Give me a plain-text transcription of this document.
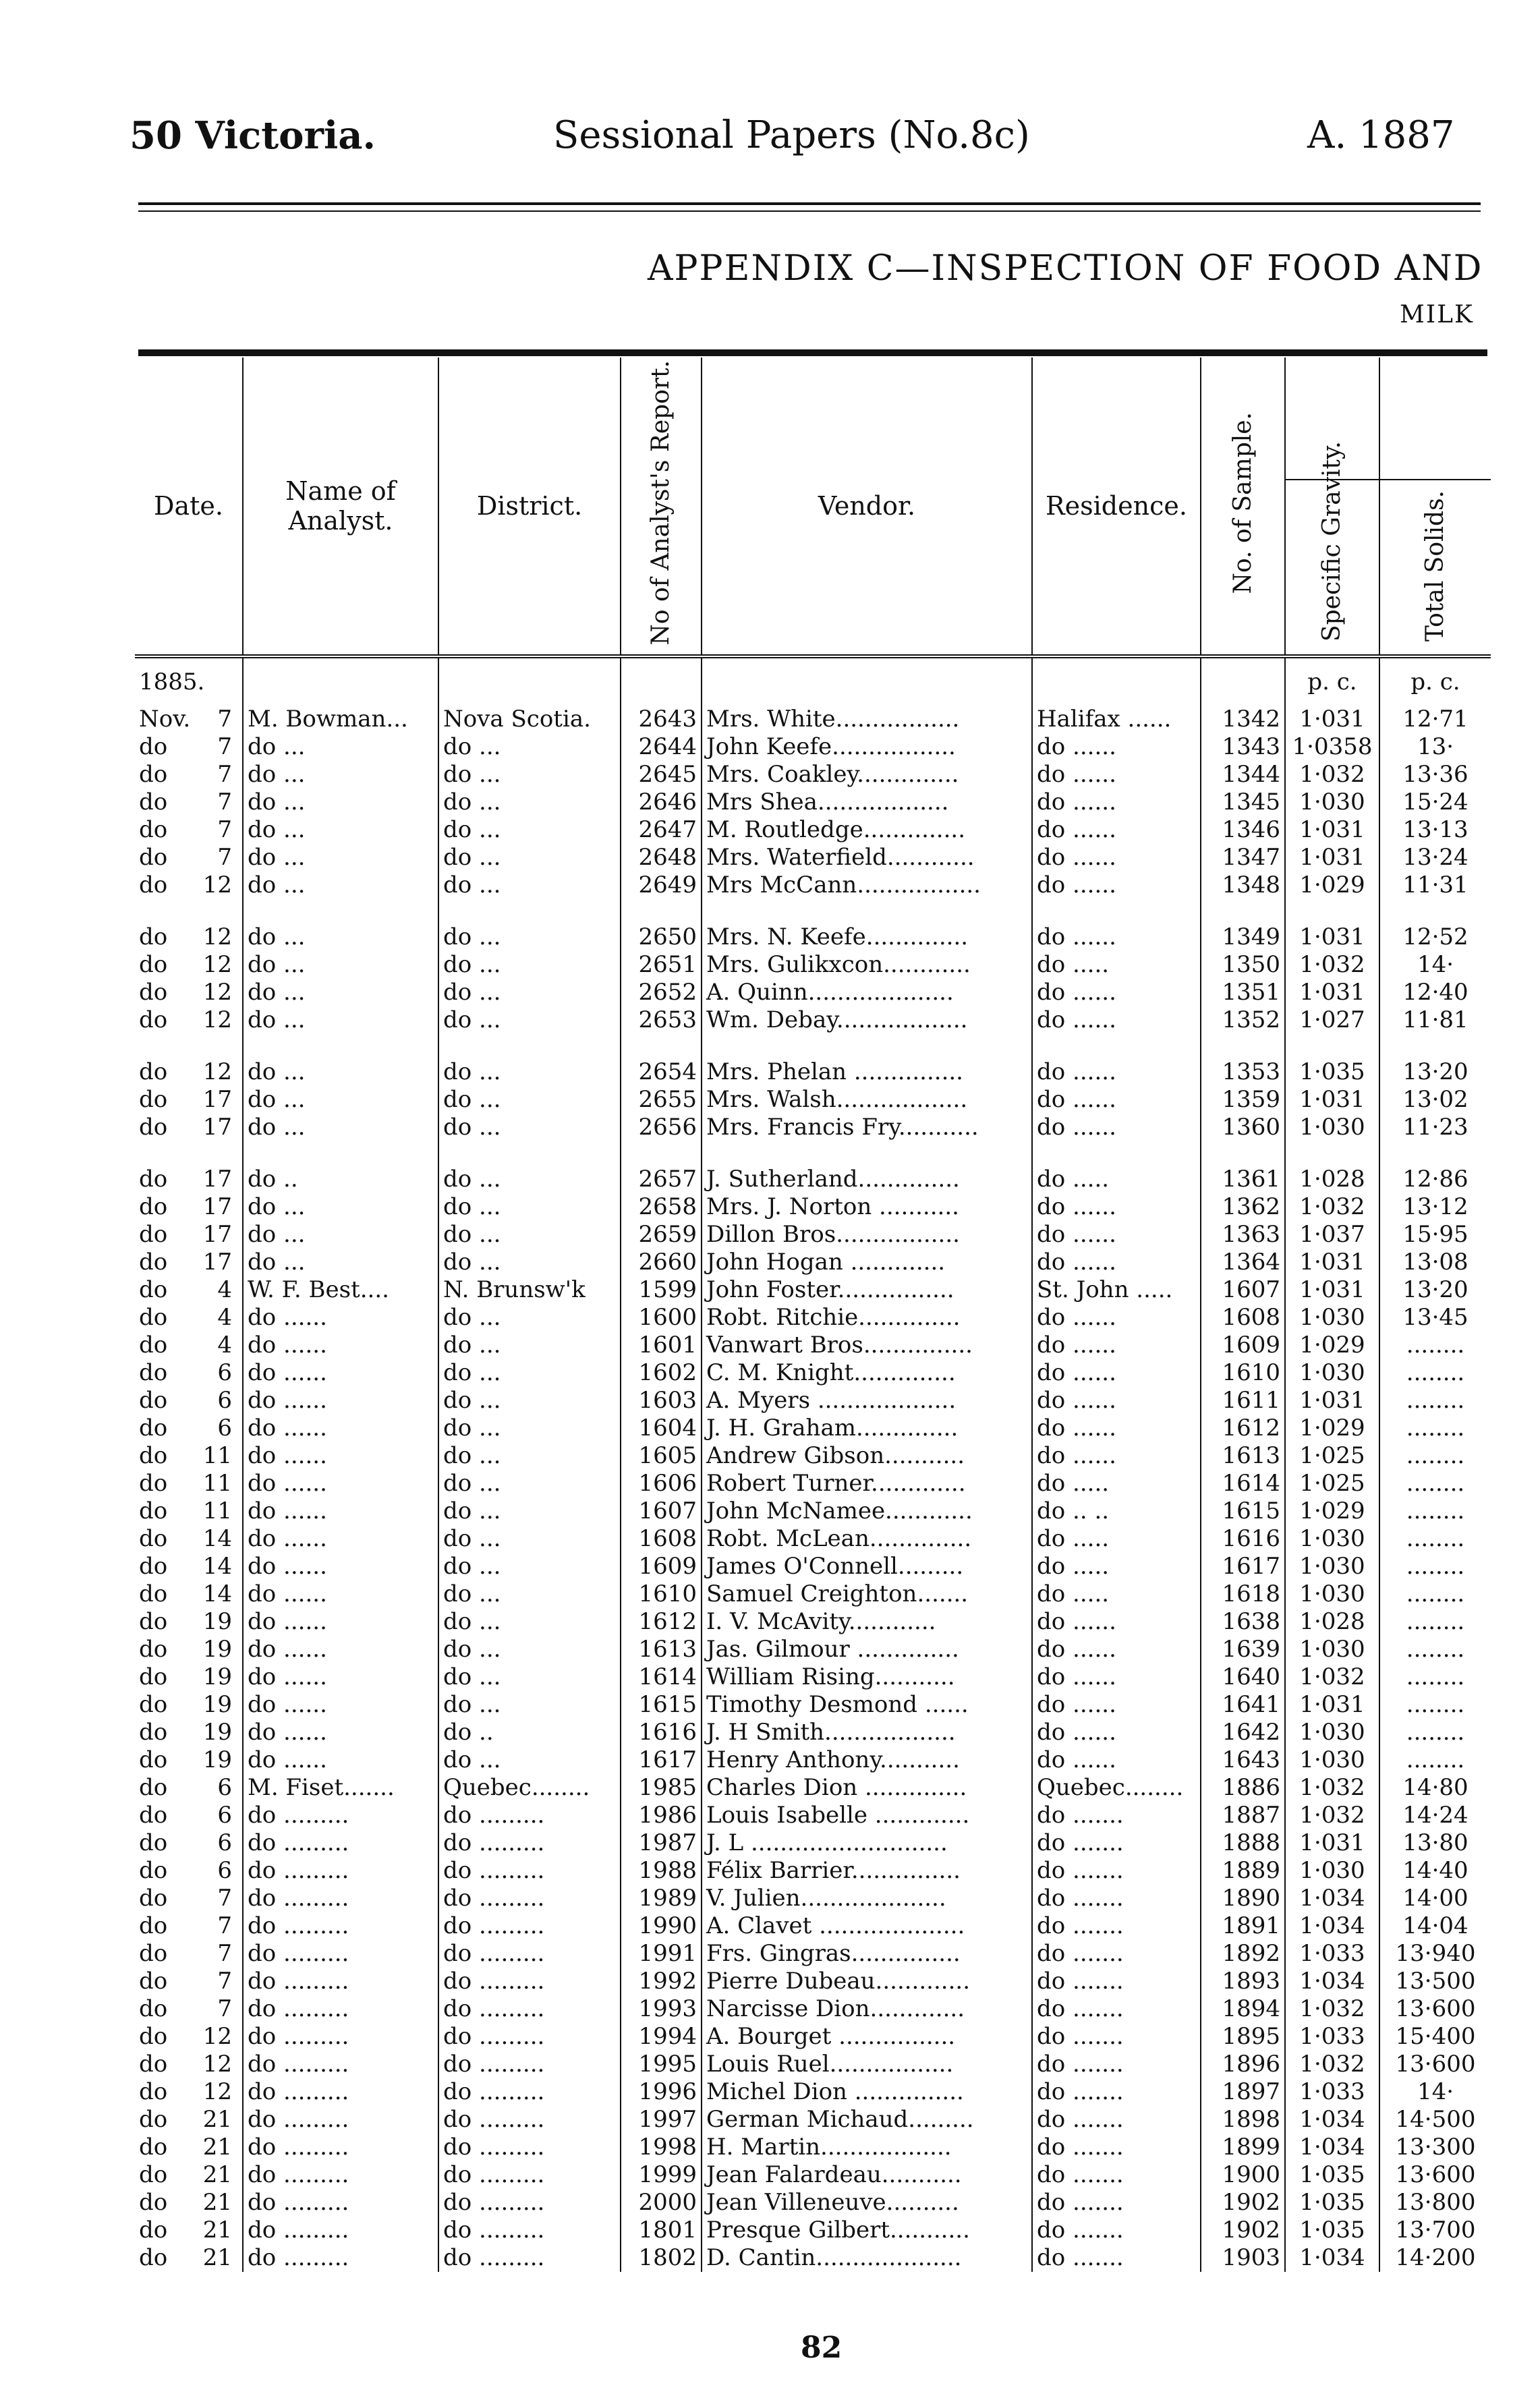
50 Victoria.	Sessional Papers (No.8c)	A. 1887
APPENDIX C—INSPECTION OF FOOD AND
MILK
Date.	Name of Analyst.	District.	No of Analyst's Report.	Vendor.	Residence.	No. of Sample.	Specific Gravity.	Total Solids.

1885.							p. c.	p. c.
Nov. 7	M. Bowman...	Nova Scotia.	2643	Mrs. White.................	Halifax ......	1342	1·031	12·71
do 7	do ...	do ...	2644	John Keefe.................	do ......	1343	1·0358	13·
do 7	do ...	do ...	2645	Mrs. Coakley..............	do ......	1344	1·032	13·36
do 7	do ...	do ...	2646	Mrs Shea..................	do ......	1345	1·030	15·24
do 7	do ...	do ...	2647	M. Routledge..............	do ......	1346	1·031	13·13
do 7	do ...	do ...	2648	Mrs. Waterfield............	do ......	1347	1·031	13·24
do 12	do ...	do ...	2649	Mrs McCann.................	do ......	1348	1·029	11·31

do 12	do ...	do ...	2650	Mrs. N. Keefe..............	do ......	1349	1·031	12·52
do 12	do ...	do ...	2651	Mrs. Gulikxcon............	do .....	1350	1·032	14·
do 12	do ...	do ...	2652	A. Quinn....................	do ......	1351	1·031	12·40
do 12	do ...	do ...	2653	Wm. Debay..................	do ......	1352	1·027	11·81

do 12	do ...	do ...	2654	Mrs. Phelan ...............	do ......	1353	1·035	13·20
do 17	do ...	do ...	2655	Mrs. Walsh..................	do ......	1359	1·031	13·02
do 17	do ...	do ...	2656	Mrs. Francis Fry...........	do ......	1360	1·030	11·23

do 17	do ..	do ...	2657	J. Sutherland..............	do .....	1361	1·028	12·86
do 17	do ...	do ...	2658	Mrs. J. Norton ...........	do ......	1362	1·032	13·12
do 17	do ...	do ...	2659	Dillon Bros.................	do ......	1363	1·037	15·95
do 17	do ...	do ...	2660	John Hogan .............	do ......	1364	1·031	13·08
do 4	W. F. Best....	N. Brunsw'k	1599	John Foster................	St. John .....	1607	1·031	13·20
do 4	do ......	do ...	1600	Robt. Ritchie..............	do ......	1608	1·030	13·45
do 4	do ......	do ...	1601	Vanwart Bros...............	do ......	1609	1·029	........
do 6	do ......	do ...	1602	C. M. Knight..............	do ......	1610	1·030	........
do 6	do ......	do ...	1603	A. Myers ...................	do ......	1611	1·031	........
do 6	do ......	do ...	1604	J. H. Graham..............	do ......	1612	1·029	........
do 11	do ......	do ...	1605	Andrew Gibson...........	do ......	1613	1·025	........
do 11	do ......	do ...	1606	Robert Turner.............	do .....	1614	1·025	........
do 11	do ......	do ...	1607	John McNamee............	do .. ..	1615	1·029	........
do 14	do ......	do ...	1608	Robt. McLean..............	do .....	1616	1·030	........
do 14	do ......	do ...	1609	James O'Connell.........	do .....	1617	1·030	........
do 14	do ......	do ...	1610	Samuel Creighton.......	do .....	1618	1·030	........
do 19	do ......	do ...	1612	I. V. McAvity............	do ......	1638	1·028	........
do 19	do ......	do ...	1613	Jas. Gilmour ..............	do ......	1639	1·030	........
do 19	do ......	do ...	1614	William Rising...........	do ......	1640	1·032	........
do 19	do ......	do ...	1615	Timothy Desmond ......	do ......	1641	1·031	........
do 19	do ......	do ..	1616	J. H Smith..................	do ......	1642	1·030	........
do 19	do ......	do ...	1617	Henry Anthony...........	do ......	1643	1·030	........
do 6	M. Fiset.......	Quebec........	1985	Charles Dion ..............	Quebec........	1886	1·032	14·80
do 6	do .........	do .........	1986	Louis Isabelle .............	do .......	1887	1·032	14·24
do 6	do .........	do .........	1987	J. L ...........................	do .......	1888	1·031	13·80
do 6	do .........	do .........	1988	Félix Barrier...............	do .......	1889	1·030	14·40
do 7	do .........	do .........	1989	V. Julien....................	do .......	1890	1·034	14·00
do 7	do .........	do .........	1990	A. Clavet ....................	do .......	1891	1·034	14·04
do 7	do .........	do .........	1991	Frs. Gingras...............	do .......	1892	1·033	13·940
do 7	do .........	do .........	1992	Pierre Dubeau.............	do .......	1893	1·034	13·500
do 7	do .........	do .........	1993	Narcisse Dion.............	do .......	1894	1·032	13·600
do 12	do .........	do .........	1994	A. Bourget ................	do .......	1895	1·033	15·400
do 12	do .........	do .........	1995	Louis Ruel.................	do .......	1896	1·032	13·600
do 12	do .........	do .........	1996	Michel Dion ...............	do .......	1897	1·033	14·
do 21	do .........	do .........	1997	German Michaud.........	do .......	1898	1·034	14·500
do 21	do .........	do .........	1998	H. Martin..................	do .......	1899	1·034	13·300
do 21	do .........	do .........	1999	Jean Falardeau...........	do .......	1900	1·035	13·600
do 21	do .........	do .........	2000	Jean Villeneuve..........	do .......	1902	1·035	13·800
do 21	do .........	do .........	1801	Presque Gilbert...........	do .......	1902	1·035	13·700
do 21	do .........	do .........	1802	D. Cantin....................	do .......	1903	1·034	14·200
82
